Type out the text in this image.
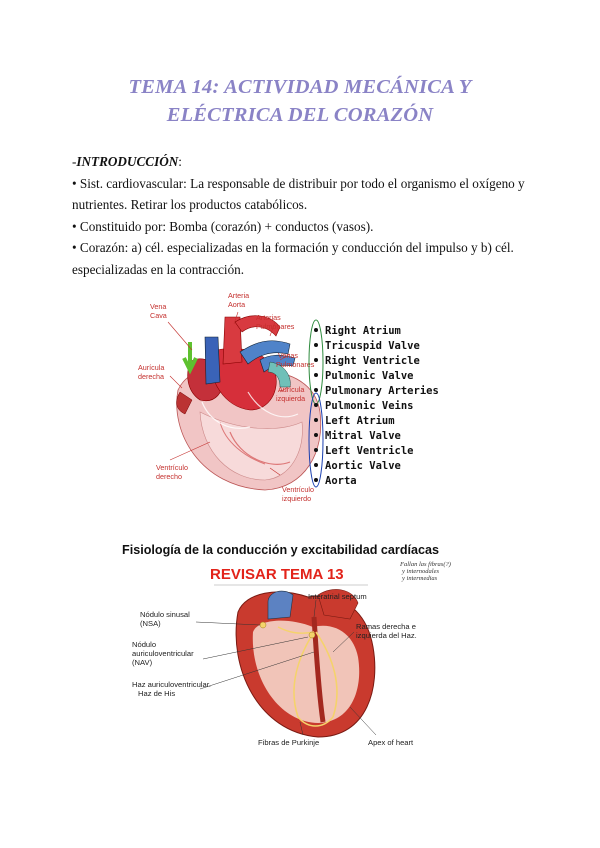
TEMA 14: ACTIVIDAD MECÁNICA Y
ELÉCTRICA DEL CORAZÓN

-INTRODUCCIÓN:

• Sist. cardiovascular: La responsable de distribuir por todo el organismo el oxígeno y nutrientes. Retirar los productos catabólicos.

• Constituido por: Bomba (corazón) + conductos (vasos).

• Corazón: a) cél. especializadas en la formación y conducción del impulso y b) cél. especializadas en la contracción.

Vena Cava
Arteria Aorta
Arterias Pulmonares
Venas Pulmonares
Aurícula derecha
Aurícula izquierda
Ventrículo derecho
Ventrículo izquierdo
Right Atrium
Tricuspid Valve
Right Ventricle
Pulmonic Valve
Pulmonary Arteries
Pulmonic Veins
Left Atrium
Mitral Valve
Left Ventricle
Aortic Valve
Aorta
Fisiología de la conducción y excitabilidad cardíacas
REVISAR TEMA 13
Fallan las fibras(?) y internodales y intermedias
Interatrial septum
Nódulo sinusal (NSA)
Nódulo auriculoventricular (NAV)
Haz auriculoventricular. Haz de His
Ramas derecha e izquierda del Haz.
Fibras de Purkinje	Apex of heart
